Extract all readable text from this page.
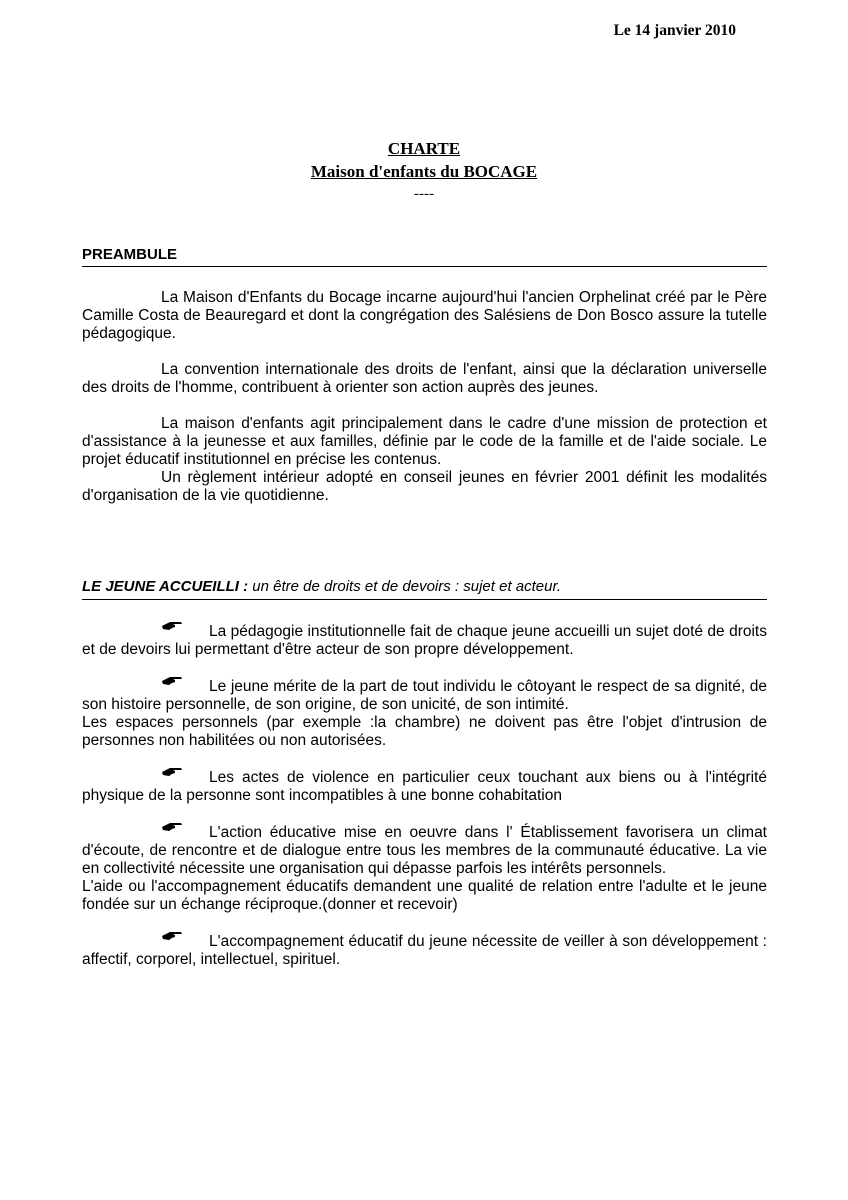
Le 14 janvier 2010
CHARTE
Maison d'enfants du BOCAGE
----
PREAMBULE

La Maison d'Enfants du Bocage incarne aujourd'hui l'ancien Orphelinat créé par le Père Camille Costa de Beauregard et dont la congrégation des Salésiens de Don Bosco assure la tutelle pédagogique.

La convention internationale des droits de l'enfant, ainsi que la déclaration universelle des droits de l'homme, contribuent à orienter son action auprès des jeunes.

La maison d'enfants agit principalement dans le cadre d'une mission de protection et d'assistance à la jeunesse et aux familles, définie par le code de la famille et de l'aide sociale. Le projet éducatif institutionnel en précise les contenus.

Un règlement intérieur adopté en conseil jeunes en février 2001 définit les modalités d'organisation de la vie quotidienne.

LE JEUNE ACCUEILLI : un être de droits et de devoirs : sujet et acteur.

La pédagogie institutionnelle fait de chaque jeune accueilli un sujet doté de droits et de devoirs lui permettant d'être acteur de son propre développement.

Le jeune mérite de la part de tout individu le côtoyant le respect de sa dignité, de son histoire personnelle, de son origine, de son unicité, de son intimité.

Les espaces personnels (par exemple :la chambre) ne doivent pas être l'objet d'intrusion de personnes non habilitées ou non autorisées.

Les actes de violence en particulier ceux touchant aux biens ou à l'intégrité physique de la personne sont incompatibles à une bonne cohabitation

L'action éducative mise en oeuvre dans l' Établissement favorisera un climat d'écoute, de rencontre et de dialogue entre tous les membres de la communauté éducative. La vie en collectivité nécessite une organisation qui dépasse parfois les intérêts personnels.

L'aide ou l'accompagnement éducatifs demandent une qualité de relation entre l'adulte et le jeune fondée sur un échange réciproque.(donner et recevoir)

L'accompagnement éducatif du jeune nécessite de veiller à son développement : affectif, corporel, intellectuel, spirituel.
